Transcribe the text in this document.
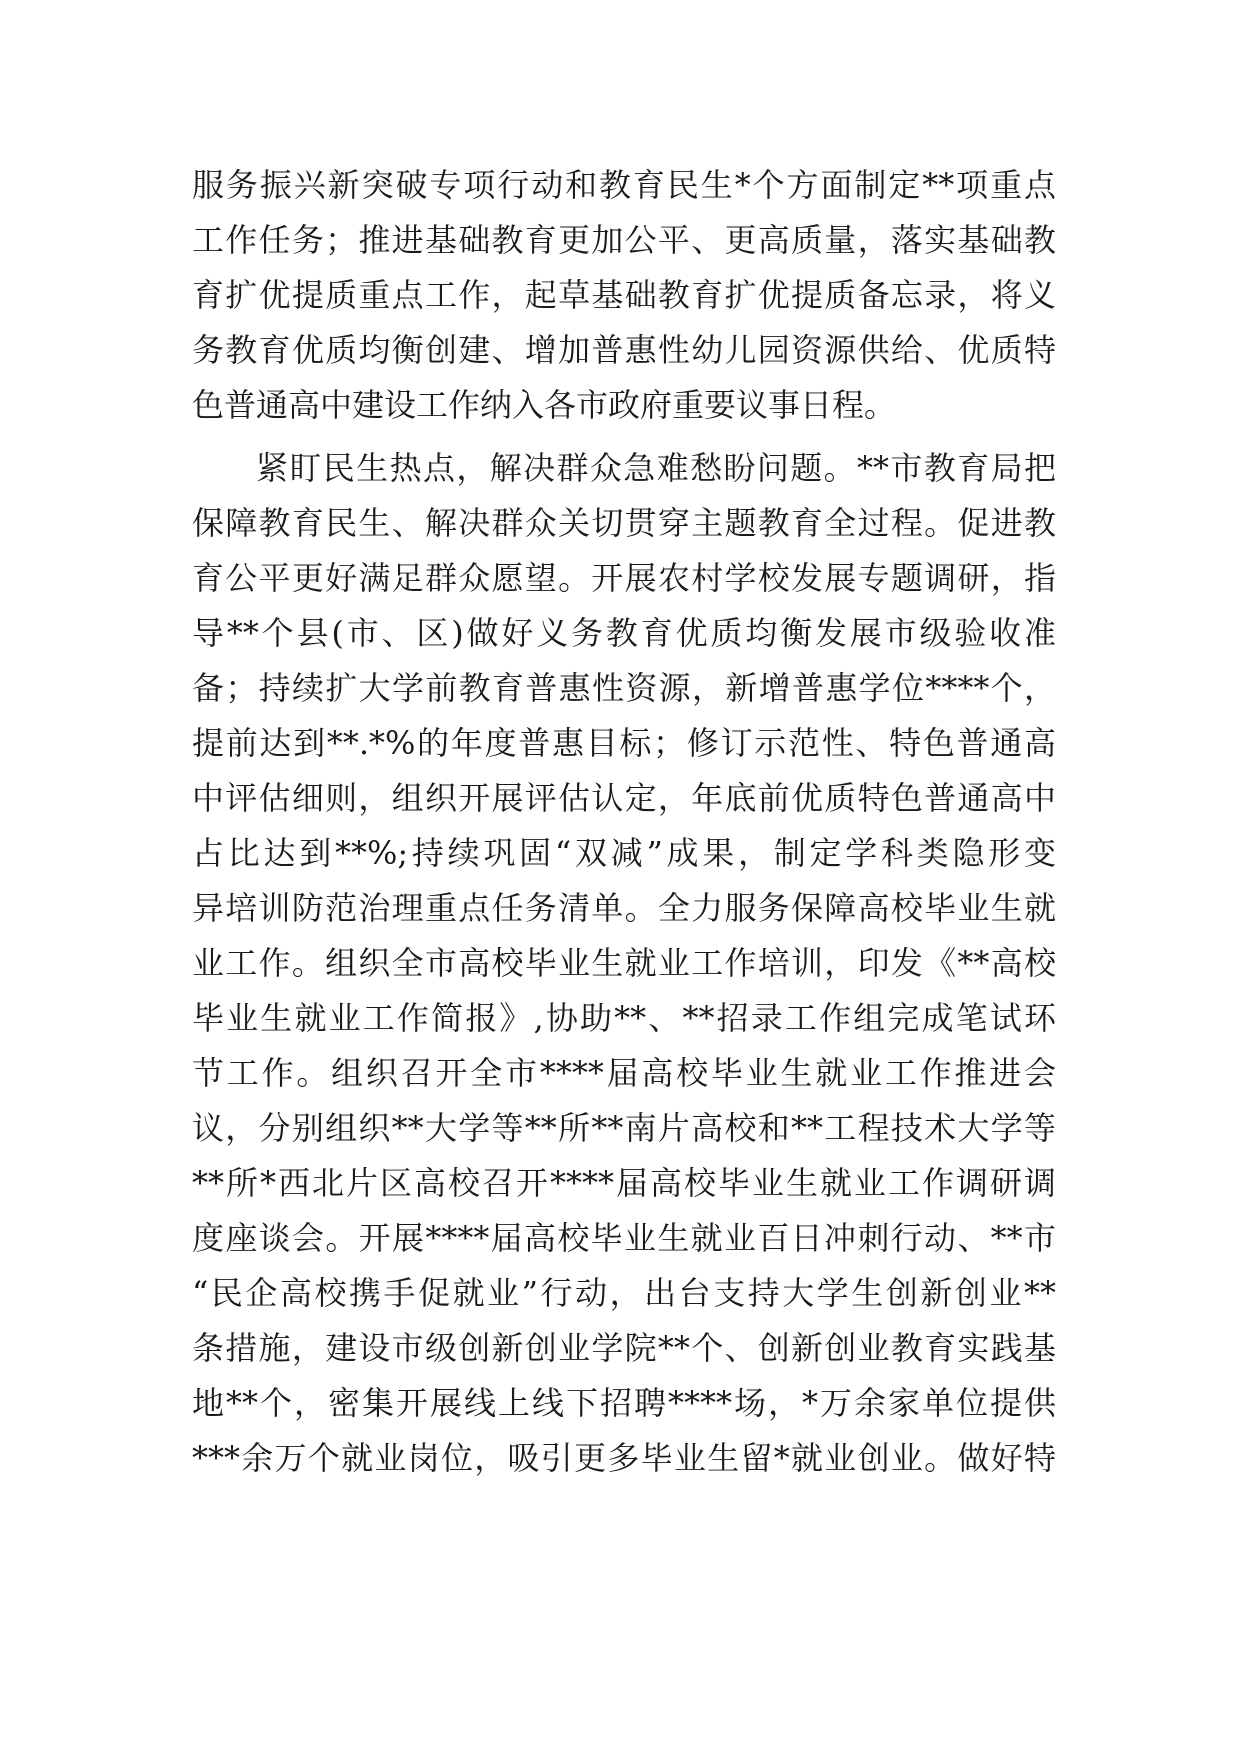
服务振兴新突破专项行动和教育民生*个方面制定**项重点
工作任务；推进基础教育更加公平、更高质量，落实基础教
育扩优提质重点工作，起草基础教育扩优提质备忘录，将义
务教育优质均衡创建、增加普惠性幼儿园资源供给、优质特
色普通高中建设工作纳入各市政府重要议事日程。
紧盯民生热点，解决群众急难愁盼问题。**市教育局把
保障教育民生、解决群众关切贯穿主题教育全过程。促进教
育公平更好满足群众愿望。开展农村学校发展专题调研，指
导**个县(市、区)做好义务教育优质均衡发展市级验收准
备；持续扩大学前教育普惠性资源，新增普惠学位****个，
提前达到**.*%的年度普惠目标；修订示范性、特色普通高
中评估细则，组织开展评估认定，年底前优质特色普通高中
占比达到**%;持续巩固“双减”成果，制定学科类隐形变
异培训防范治理重点任务清单。全力服务保障高校毕业生就
业工作。组织全市高校毕业生就业工作培训，印发《**高校
毕业生就业工作简报》,协助**、**招录工作组完成笔试环
节工作。组织召开全市****届高校毕业生就业工作推进会
议，分别组织**大学等**所**南片高校和**工程技术大学等
**所*西北片区高校召开****届高校毕业生就业工作调研调
度座谈会。开展****届高校毕业生就业百日冲刺行动、**市
“民企高校携手促就业”行动，出台支持大学生创新创业**
条措施，建设市级创新创业学院**个、创新创业教育实践基
地**个，密集开展线上线下招聘****场，*万余家单位提供
***余万个就业岗位，吸引更多毕业生留*就业创业。做好特
